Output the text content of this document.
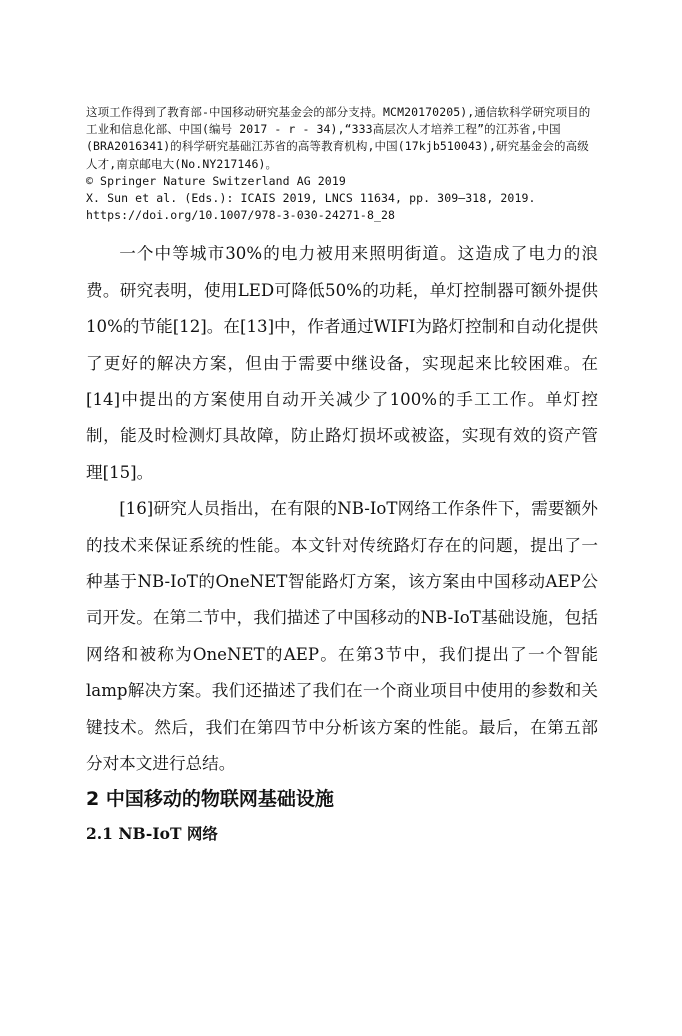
这项工作得到了教育部-中国移动研究基金会的部分支持。MCM20170205),通信软科学研究项目的工业和信息化部、中国(编号 2017 - r - 34),“333高层次人才培养工程”的江苏省,中国(BRA2016341)的科学研究基础江苏省的高等教育机构,中国(17kjb510043),研究基金会的高级人才,南京邮电大(No.NY217146)。

© Springer Nature Switzerland AG 2019

X. Sun et al. (Eds.): ICAIS 2019, LNCS 11634, pp. 309–318, 2019.

https://doi.org/10.1007/978-3-030-24271-8_28

一个中等城市30%的电力被用来照明街道。这造成了电力的浪费。研究表明，使用LED可降低50%的功耗，单灯控制器可额外提供10%的节能[12]。在[13]中，作者通过WIFI为路灯控制和自动化提供了更好的解决方案，但由于需要中继设备，实现起来比较困难。在[14]中提出的方案使用自动开关减少了100%的手工工作。单灯控制，能及时检测灯具故障，防止路灯损坏或被盗，实现有效的资产管理[15]。

[16]研究人员指出，在有限的NB-IoT网络工作条件下，需要额外的技术来保证系统的性能。本文针对传统路灯存在的问题，提出了一种基于NB-IoT的OneNET智能路灯方案，该方案由中国移动AEP公司开发。在第二节中，我们描述了中国移动的NB-IoT基础设施，包括网络和被称为OneNET的AEP。在第3节中，我们提出了一个智能lamp解决方案。我们还描述了我们在一个商业项目中使用的参数和关键技术。然后，我们在第四节中分析该方案的性能。最后，在第五部分对本文进行总结。

2 中国移动的物联网基础设施
2.1 NB-IoT 网络
